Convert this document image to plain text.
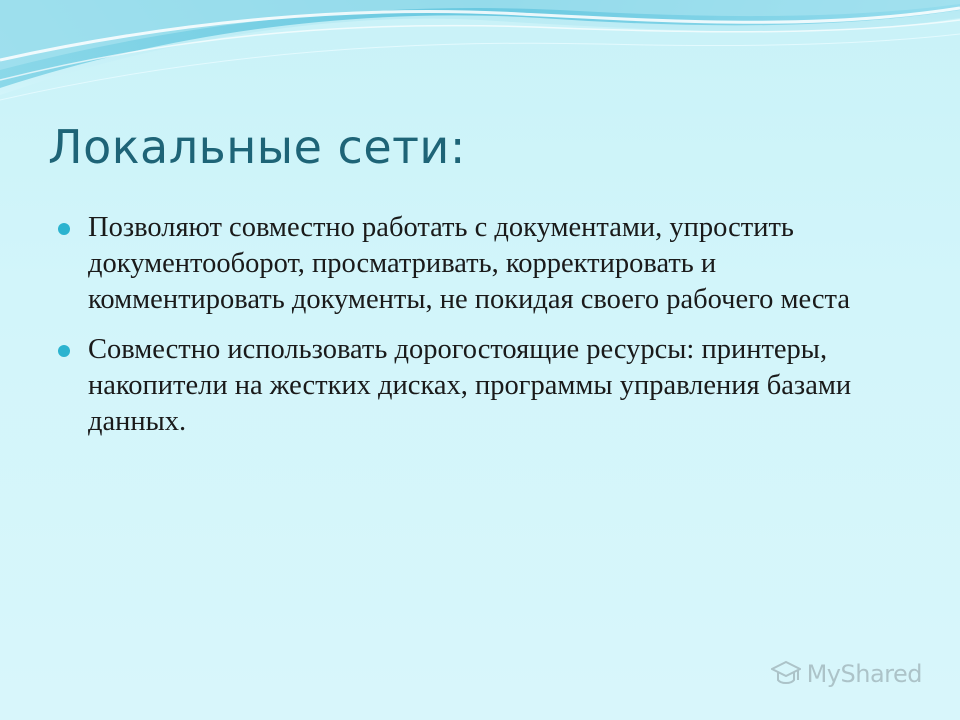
Локальные сети:
Позволяют совместно работать с документами, упростить документооборот, просматривать, корректировать и комментировать документы, не покидая своего рабочего места
Совместно использовать дорогостоящие ресурсы: принтеры, накопители на жестких дисках, программы управления базами данных.
MyShared
